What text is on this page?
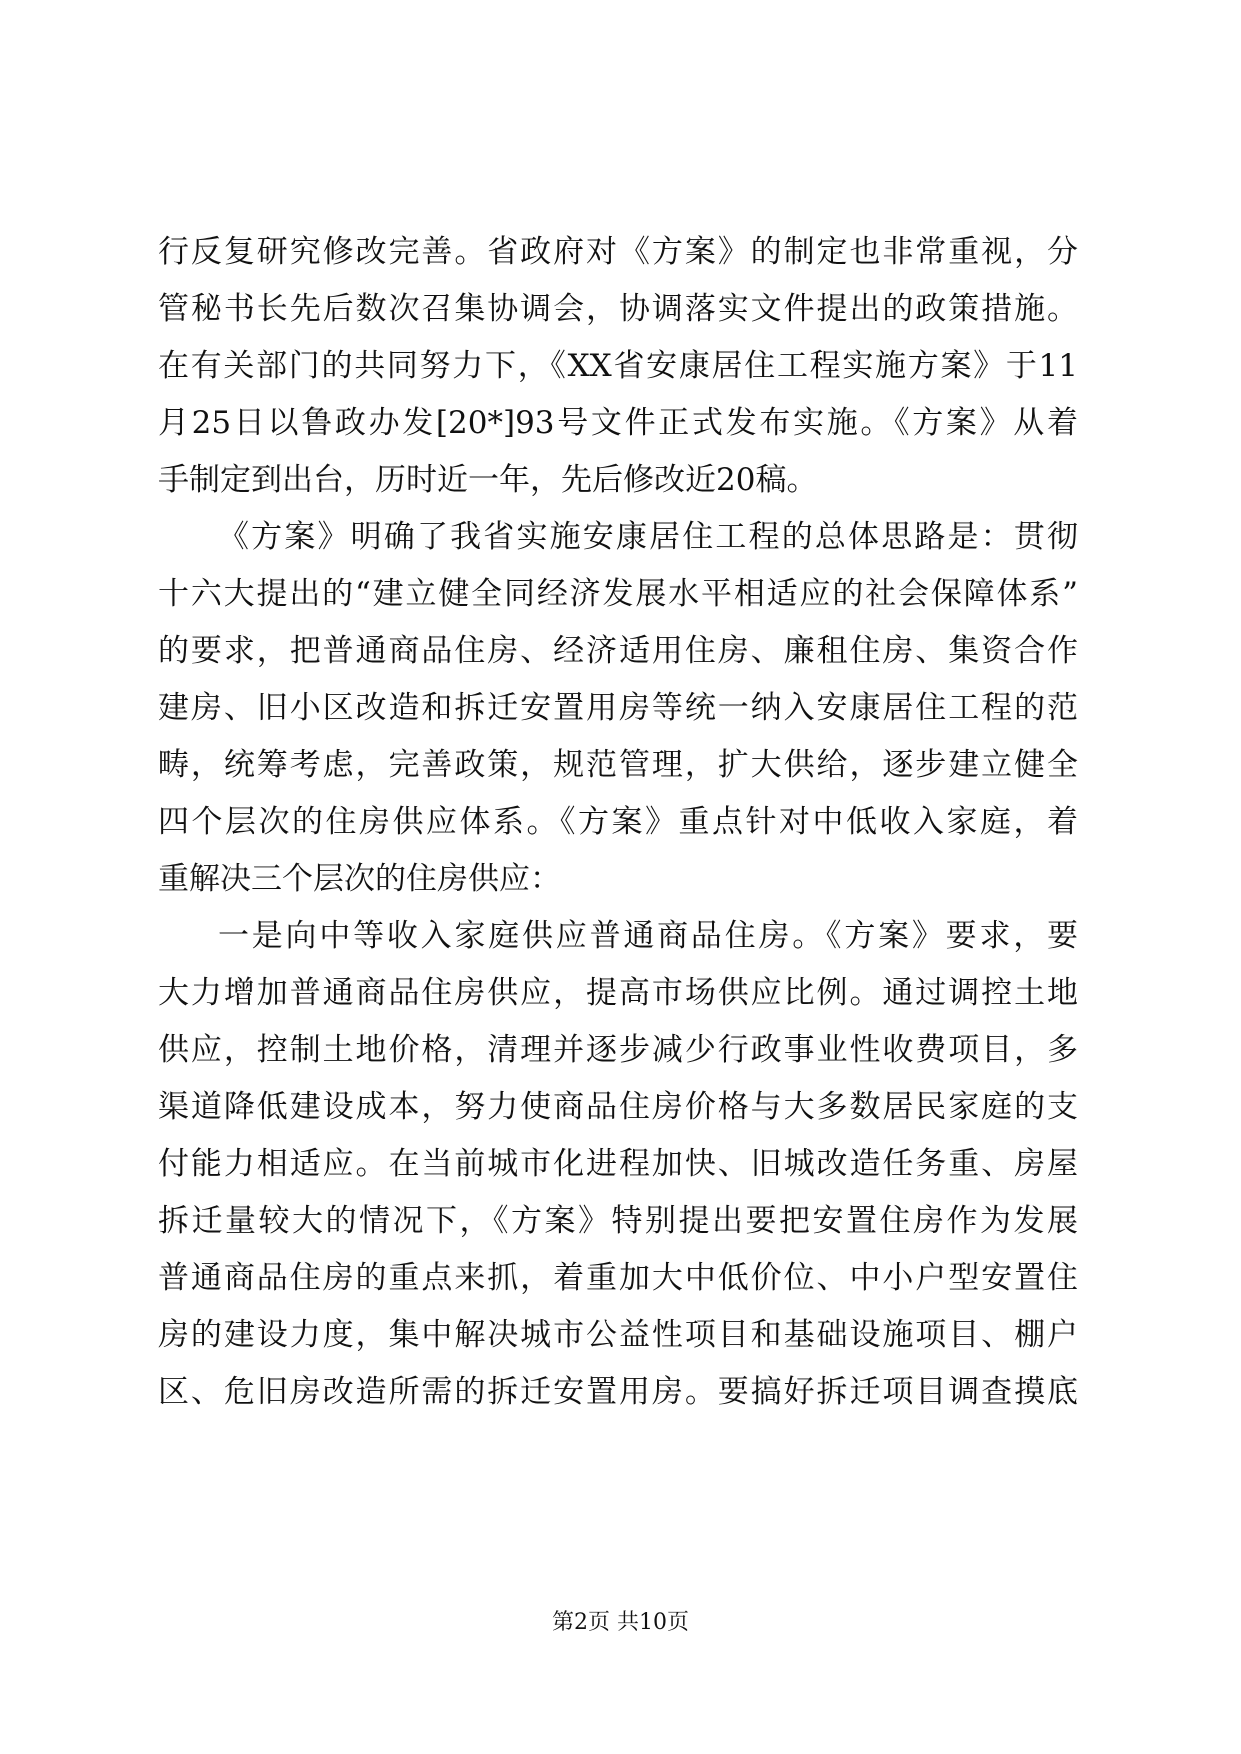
行反复研究修改完善。省政府对《方案》的制定也非常重视，分
管秘书长先后数次召集协调会，协调落实文件提出的政策措施。
在有关部门的共同努力下，《XX省安康居住工程实施方案》于11
月25日以鲁政办发[20*]93号文件正式发布实施。《方案》从着
手制定到出台，历时近一年，先后修改近20稿。
《方案》明确了我省实施安康居住工程的总体思路是：贯彻
十六大提出的“建立健全同经济发展水平相适应的社会保障体系”
的要求，把普通商品住房、经济适用住房、廉租住房、集资合作
建房、旧小区改造和拆迁安置用房等统一纳入安康居住工程的范
畴，统筹考虑，完善政策，规范管理，扩大供给，逐步建立健全
四个层次的住房供应体系。《方案》重点针对中低收入家庭，着
重解决三个层次的住房供应：
一是向中等收入家庭供应普通商品住房。《方案》要求，要
大力增加普通商品住房供应，提高市场供应比例。通过调控土地
供应，控制土地价格，清理并逐步减少行政事业性收费项目，多
渠道降低建设成本，努力使商品住房价格与大多数居民家庭的支
付能力相适应。在当前城市化进程加快、旧城改造任务重、房屋
拆迁量较大的情况下，《方案》特别提出要把安置住房作为发展
普通商品住房的重点来抓，着重加大中低价位、中小户型安置住
房的建设力度，集中解决城市公益性项目和基础设施项目、棚户
区、危旧房改造所需的拆迁安置用房。要搞好拆迁项目调查摸底
第2页 共10页
